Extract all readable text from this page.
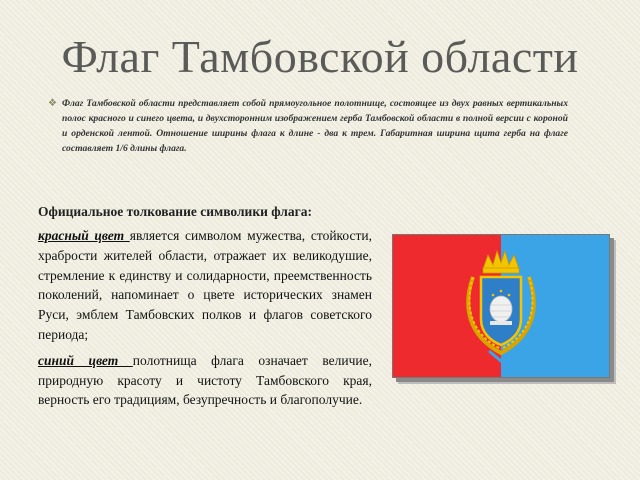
Флаг Тамбовской области
❖ Флаг Тамбовской области представляет собой прямоугольное полотнище, состоящее из двух равных вертикальных полос красного и синего цвета, и двухсторонним изображением герба Тамбовской области в полной версии с короной и орденской лентой. Отношение ширины флага к длине - два к трем. Габаритная ширина щита герба на флаге составляет 1/6 длины флага.
Официальное толкование символики флага:

красный цвет является символом мужества, стойкости, храбрости жителей области, отражает их великодушие, стремление к единству и солидарности, преемственность поколений, напоминает о цвете исторических знамен Руси, эмблем Тамбовских полков и флагов советского периода;

синий цвет полотнища флага означает величие, природную красоту и чистоту Тамбовского края, верность его традициям, безупречность и благополучие.
